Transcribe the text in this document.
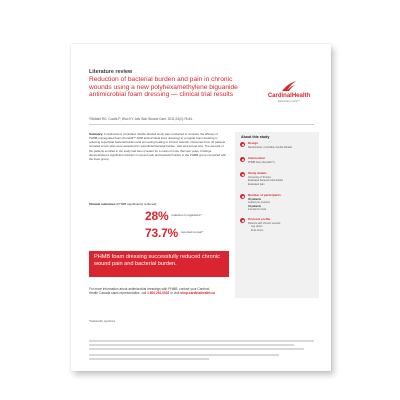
Literature review
Reduction of bacterial burden and pain in chronic wounds using a new polyhexamethylene biguanide antimicrobial foam dressing — clinical trial results
*Sibbald RG, Coutts P, Woo KY. Adv Skin Wound Care. 2011;24(2):78-84.
CardinalHealth
Essential to care™
Summary: A randomized, controlled, double-blinded study was conducted to compare the efficacy of PHMB-impregnated foam (Kendall™ AMD antimicrobial foam dressing) to a regular foam dressing in reducing superficial bacterial burden and promoting healing in chronic wounds. Outcomes from 44 patients recruited at two sites were assessed for superficial bacterial burden, pain and wound size. The wounds of the patients enrolled in the study had been present for a mean of more than two years. Findings demonstrated a significant reduction in wound pain and bacterial burden in the PHMB group compared with the foam group.
Clinical outcomes (PHMB significantly reduced):
28% reduction in organisms*
73.7% reported no pain*
PHMB foam dressing successfully reduced chronic wound pain and bacterial burden.
For more information about antimicrobial dressings with PHMB, contact your Cardinal Health Canada sales representative, call 1.800.291.0032 or visit shop.cardinalhealth.ca
*Statistically significant
About this study
Design
Randomized, controlled, double-blinded
Intervention
PHMB foam (Kendall™)
Study details
University of Toronto
Evaluated bacterial colonization
Evaluated pain
Number of participants
45 patients
treated per protocol
44 patients
intended to treat
Protocol profile
Patients with chronic wounds:
Leg ulcers
Foot ulcers
